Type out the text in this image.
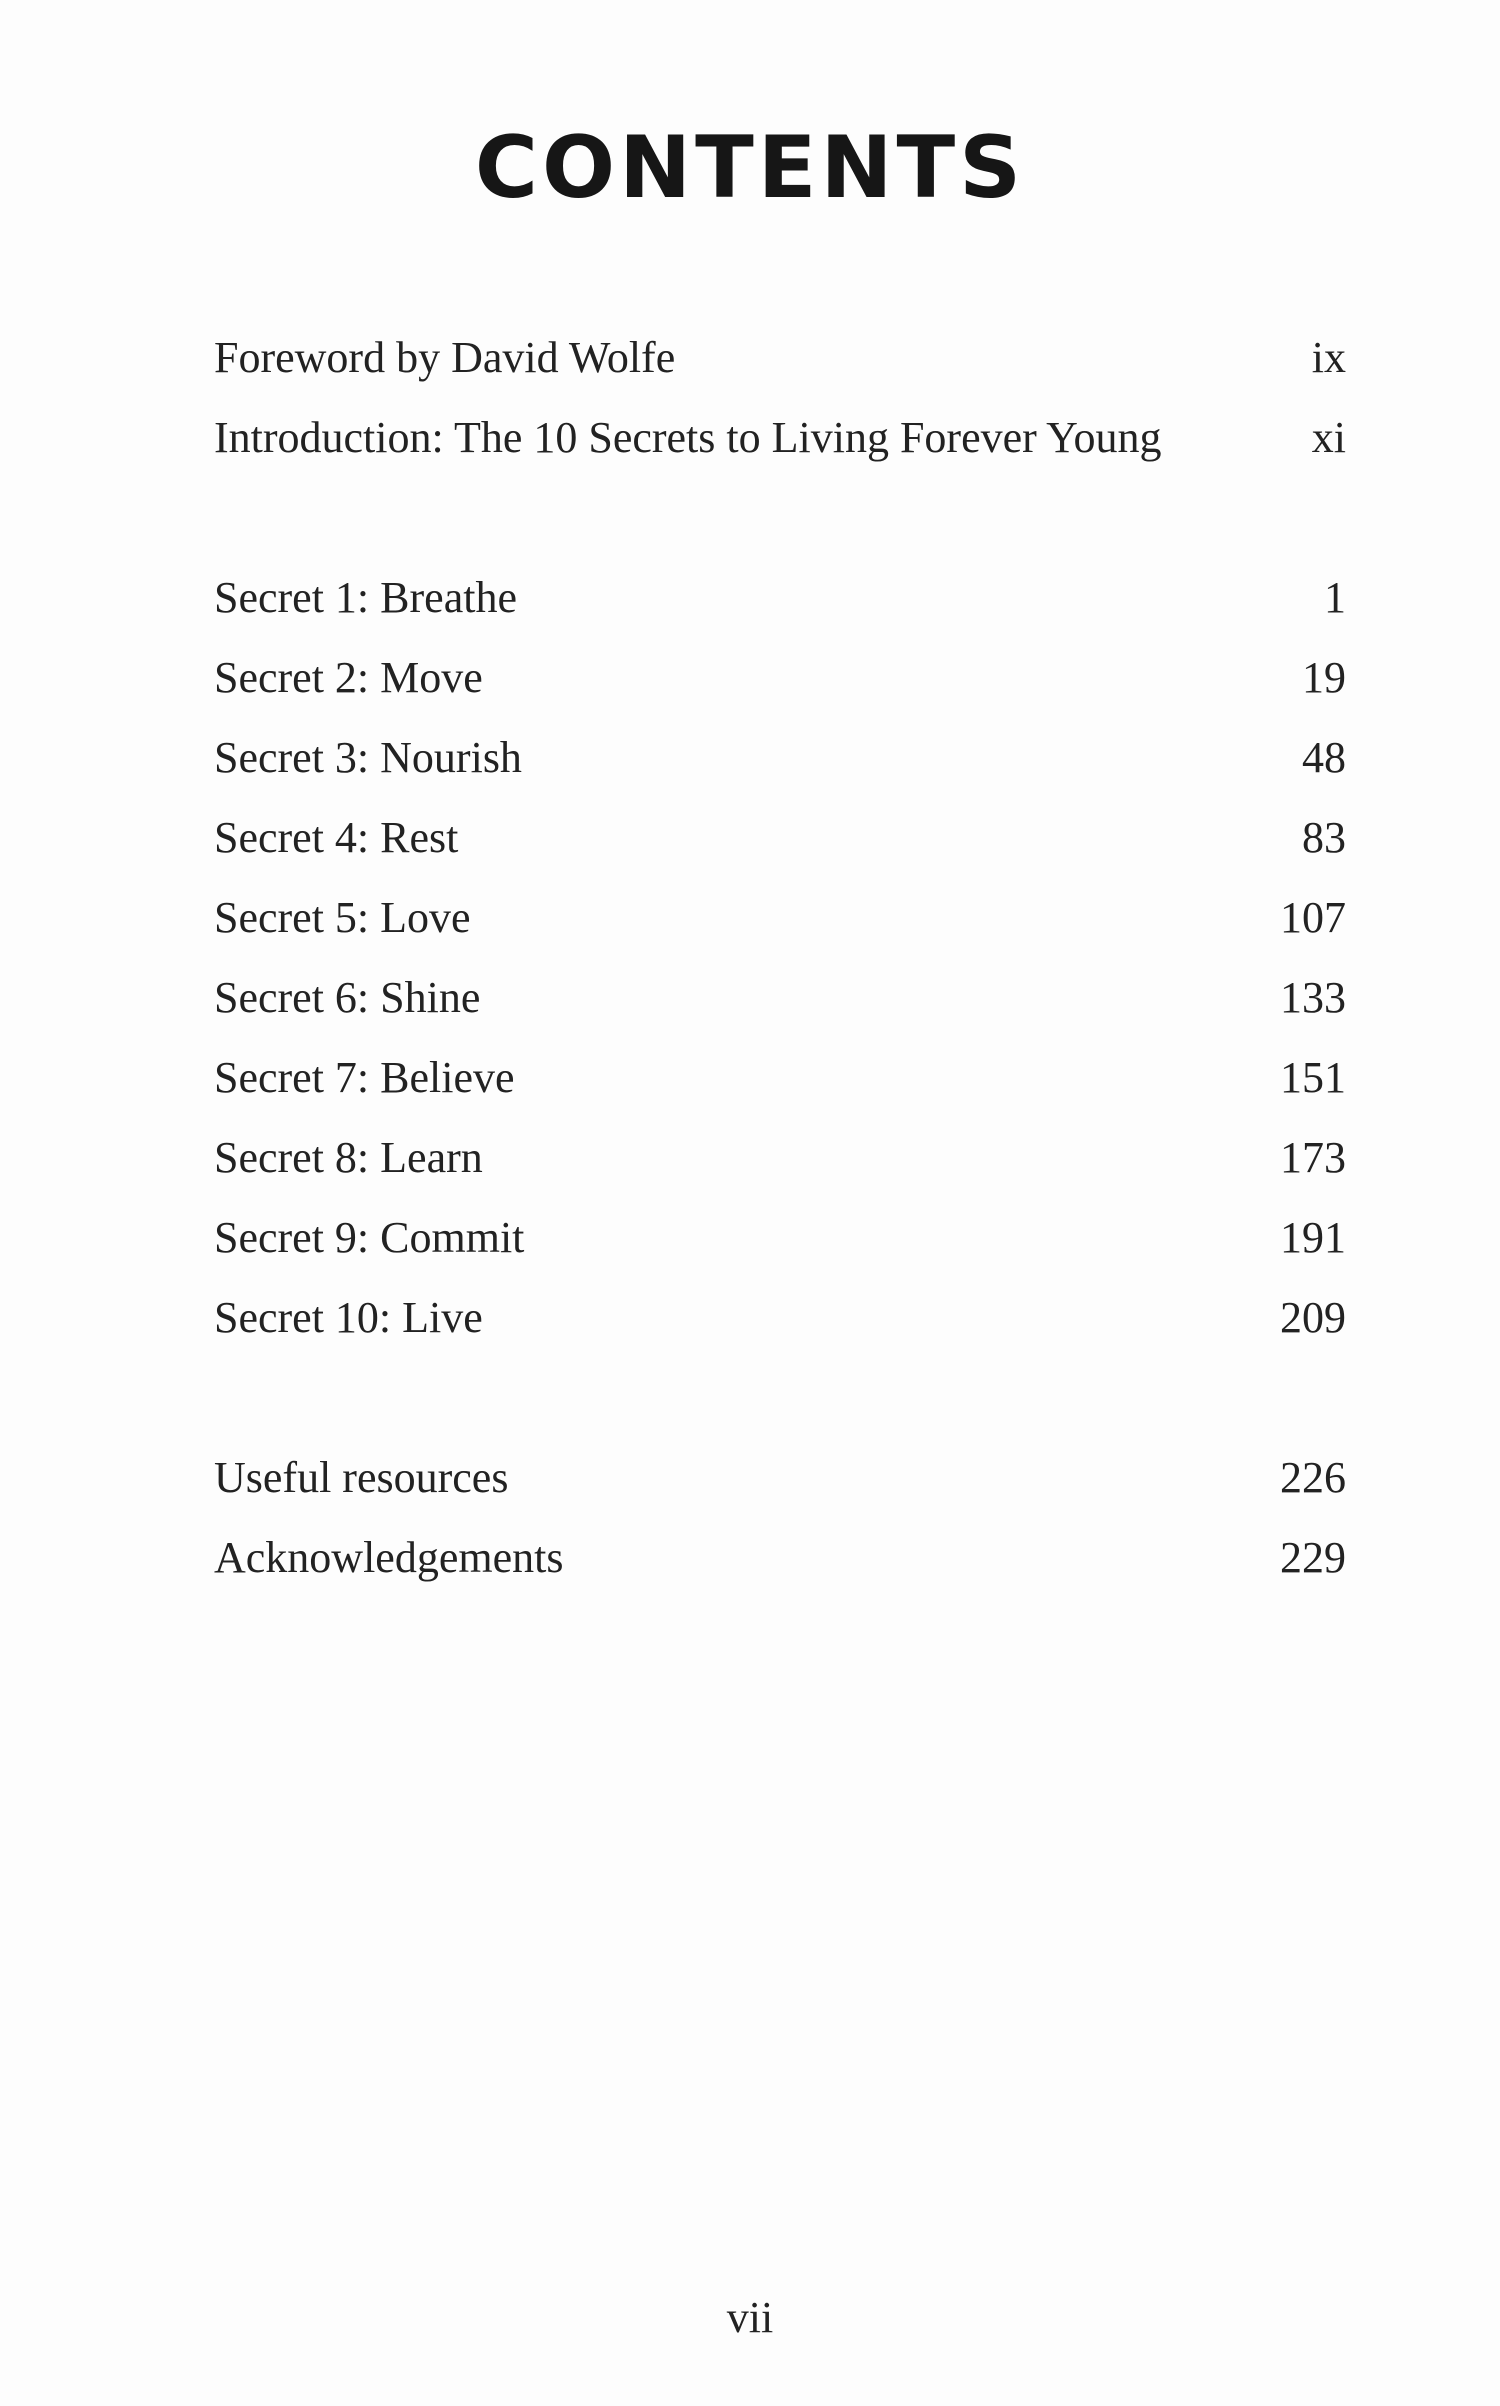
CONTENTS
Foreword by David Wolfe	ix
Introduction: The 10 Secrets to Living Forever Young	xi
Secret 1: Breathe	1
Secret 2: Move	19
Secret 3: Nourish	48
Secret 4: Rest	83
Secret 5: Love	107
Secret 6: Shine	133
Secret 7: Believe	151
Secret 8: Learn	173
Secret 9: Commit	191
Secret 10: Live	209
Useful resources	226
Acknowledgements	229
vii
